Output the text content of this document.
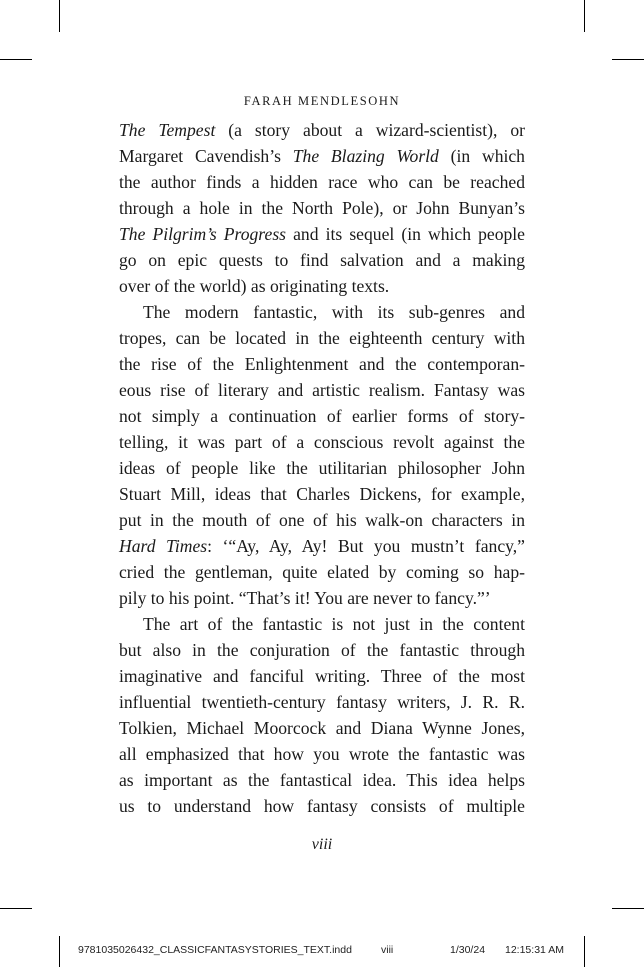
FARAH MENDLESOHN

The Tempest (a story about a wizard-scientist), or
Margaret Cavendish’s The Blazing World (in which
the author finds a hidden race who can be reached
through a hole in the North Pole), or John Bunyan’s
The Pilgrim’s Progress and its sequel (in which people
go on epic quests to find salvation and a making
over of the world) as originating texts.

The modern fantastic, with its sub-genres and
tropes, can be located in the eighteenth century with
the rise of the Enlightenment and the contemporan-
eous rise of literary and artistic realism. Fantasy was
not simply a continuation of earlier forms of story-
telling, it was part of a conscious revolt against the
ideas of people like the utilitarian philosopher John
Stuart Mill, ideas that Charles Dickens, for example,
put in the mouth of one of his walk-on characters in
Hard Times: ‘“Ay, Ay, Ay! But you mustn’t fancy,”
cried the gentleman, quite elated by coming so hap-
pily to his point. “That’s it! You are never to fancy.”’

The art of the fantastic is not just in the content
but also in the conjuration of the fantastic through
imaginative and fanciful writing. Three of the most
influential twentieth-century fantasy writers, J. R. R.
Tolkien, Michael Moorcock and Diana Wynne Jones,
all emphasized that how you wrote the fantastic was
as important as the fantastical idea. This idea helps
us to understand how fantasy consists of multiple

viii
9781035026432_CLASSICFANTASYSTORIES_TEXT.indd	viii	1/30/24 12:15:31 AM
